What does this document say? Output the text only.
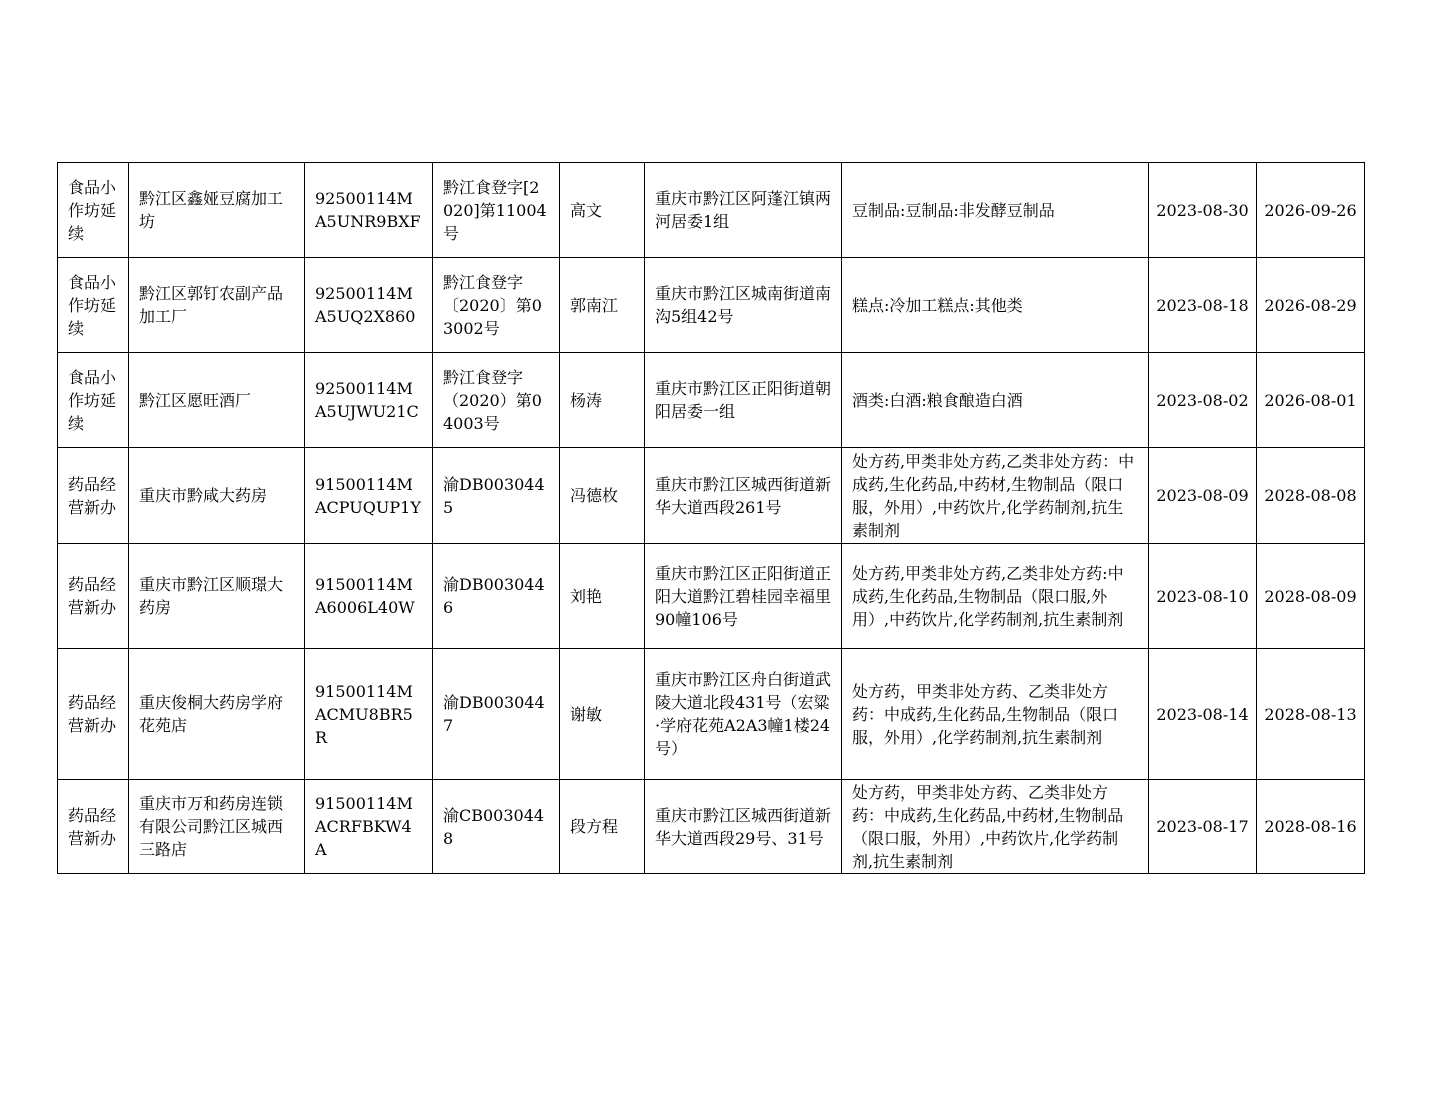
食品小作坊延续	黔江区鑫娅豆腐加工坊	92500114MA5UNR9BXF	黔江食登字[2020]第11004号	高文	重庆市黔江区阿蓬江镇两河居委1组	豆制品:豆制品:非发酵豆制品	2023-08-30	2026-09-26
食品小作坊延续	黔江区郭钉农副产品加工厂	92500114MA5UQ2X860	黔江食登字〔2020〕第03002号	郭南江	重庆市黔江区城南街道南沟5组42号	糕点:冷加工糕点:其他类	2023-08-18	2026-08-29
食品小作坊延续	黔江区愿旺酒厂	92500114MA5UJWU21C	黔江食登字（2020）第04003号	杨涛	重庆市黔江区正阳街道朝阳居委一组	酒类:白酒:粮食酿造白酒	2023-08-02	2026-08-01
药品经营新办	重庆市黔咸大药房	91500114MACPUQUP1Y	渝DB0030445	冯德枚	重庆市黔江区城西街道新华大道西段261号	处方药,甲类非处方药,乙类非处方药：中成药,生化药品,中药材,生物制品（限口服，外用）,中药饮片,化学药制剂,抗生素制剂	2023-08-09	2028-08-08
药品经营新办	重庆市黔江区顺璟大药房	91500114MA6006L40W	渝DB0030446	刘艳	重庆市黔江区正阳街道正阳大道黔江碧桂园幸福里90幢106号	处方药,甲类非处方药,乙类非处方药:中成药,生化药品,生物制品（限口服,外用）,中药饮片,化学药制剂,抗生素制剂	2023-08-10	2028-08-09
药品经营新办	重庆俊桐大药房学府花苑店	91500114MACMU8BR5R	渝DB0030447	谢敏	重庆市黔江区舟白街道武陵大道北段431号（宏粱·学府花苑A2A3幢1楼24号）	处方药，甲类非处方药、乙类非处方药：中成药,生化药品,生物制品（限口服，外用）,化学药制剂,抗生素制剂	2023-08-14	2028-08-13
药品经营新办	重庆市万和药房连锁有限公司黔江区城西三路店	91500114MACRFBKW4A	渝CB0030448	段方程	重庆市黔江区城西街道新华大道西段29号、31号	处方药，甲类非处方药、乙类非处方药：中成药,生化药品,中药材,生物制品（限口服，外用）,中药饮片,化学药制剂,抗生素制剂	2023-08-17	2028-08-16
